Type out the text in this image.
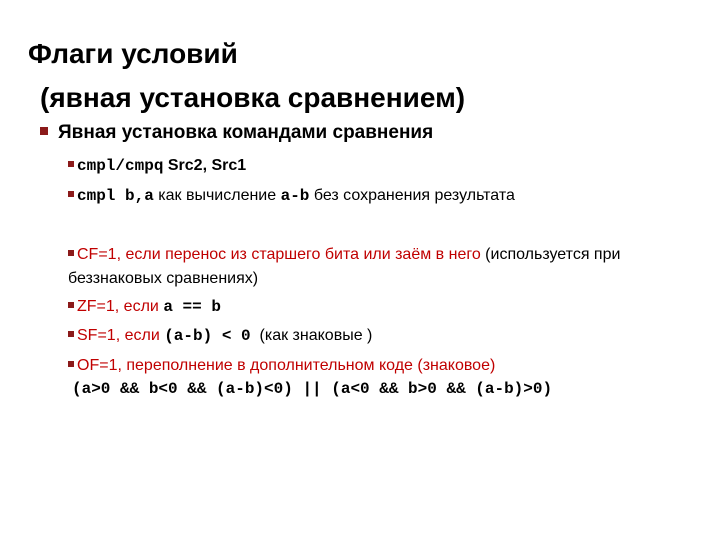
Флаги условий
(явная установка сравнением)
Явная установка командами сравнения
cmpl/cmpq Src2, Src1
cmpl b,a как вычисление a-b без сохранения результата
CF=1, если перенос из старшего бита или заём в него (используется при беззнаковых сравнениях)
ZF=1, если a == b
SF=1, если (a-b) < 0 (как знаковые )
OF=1, переполнение в дополнительном коде (знаковое)
(a>0 && b<0 && (a-b)<0) || (a<0 && b>0 && (a-b)>0)
